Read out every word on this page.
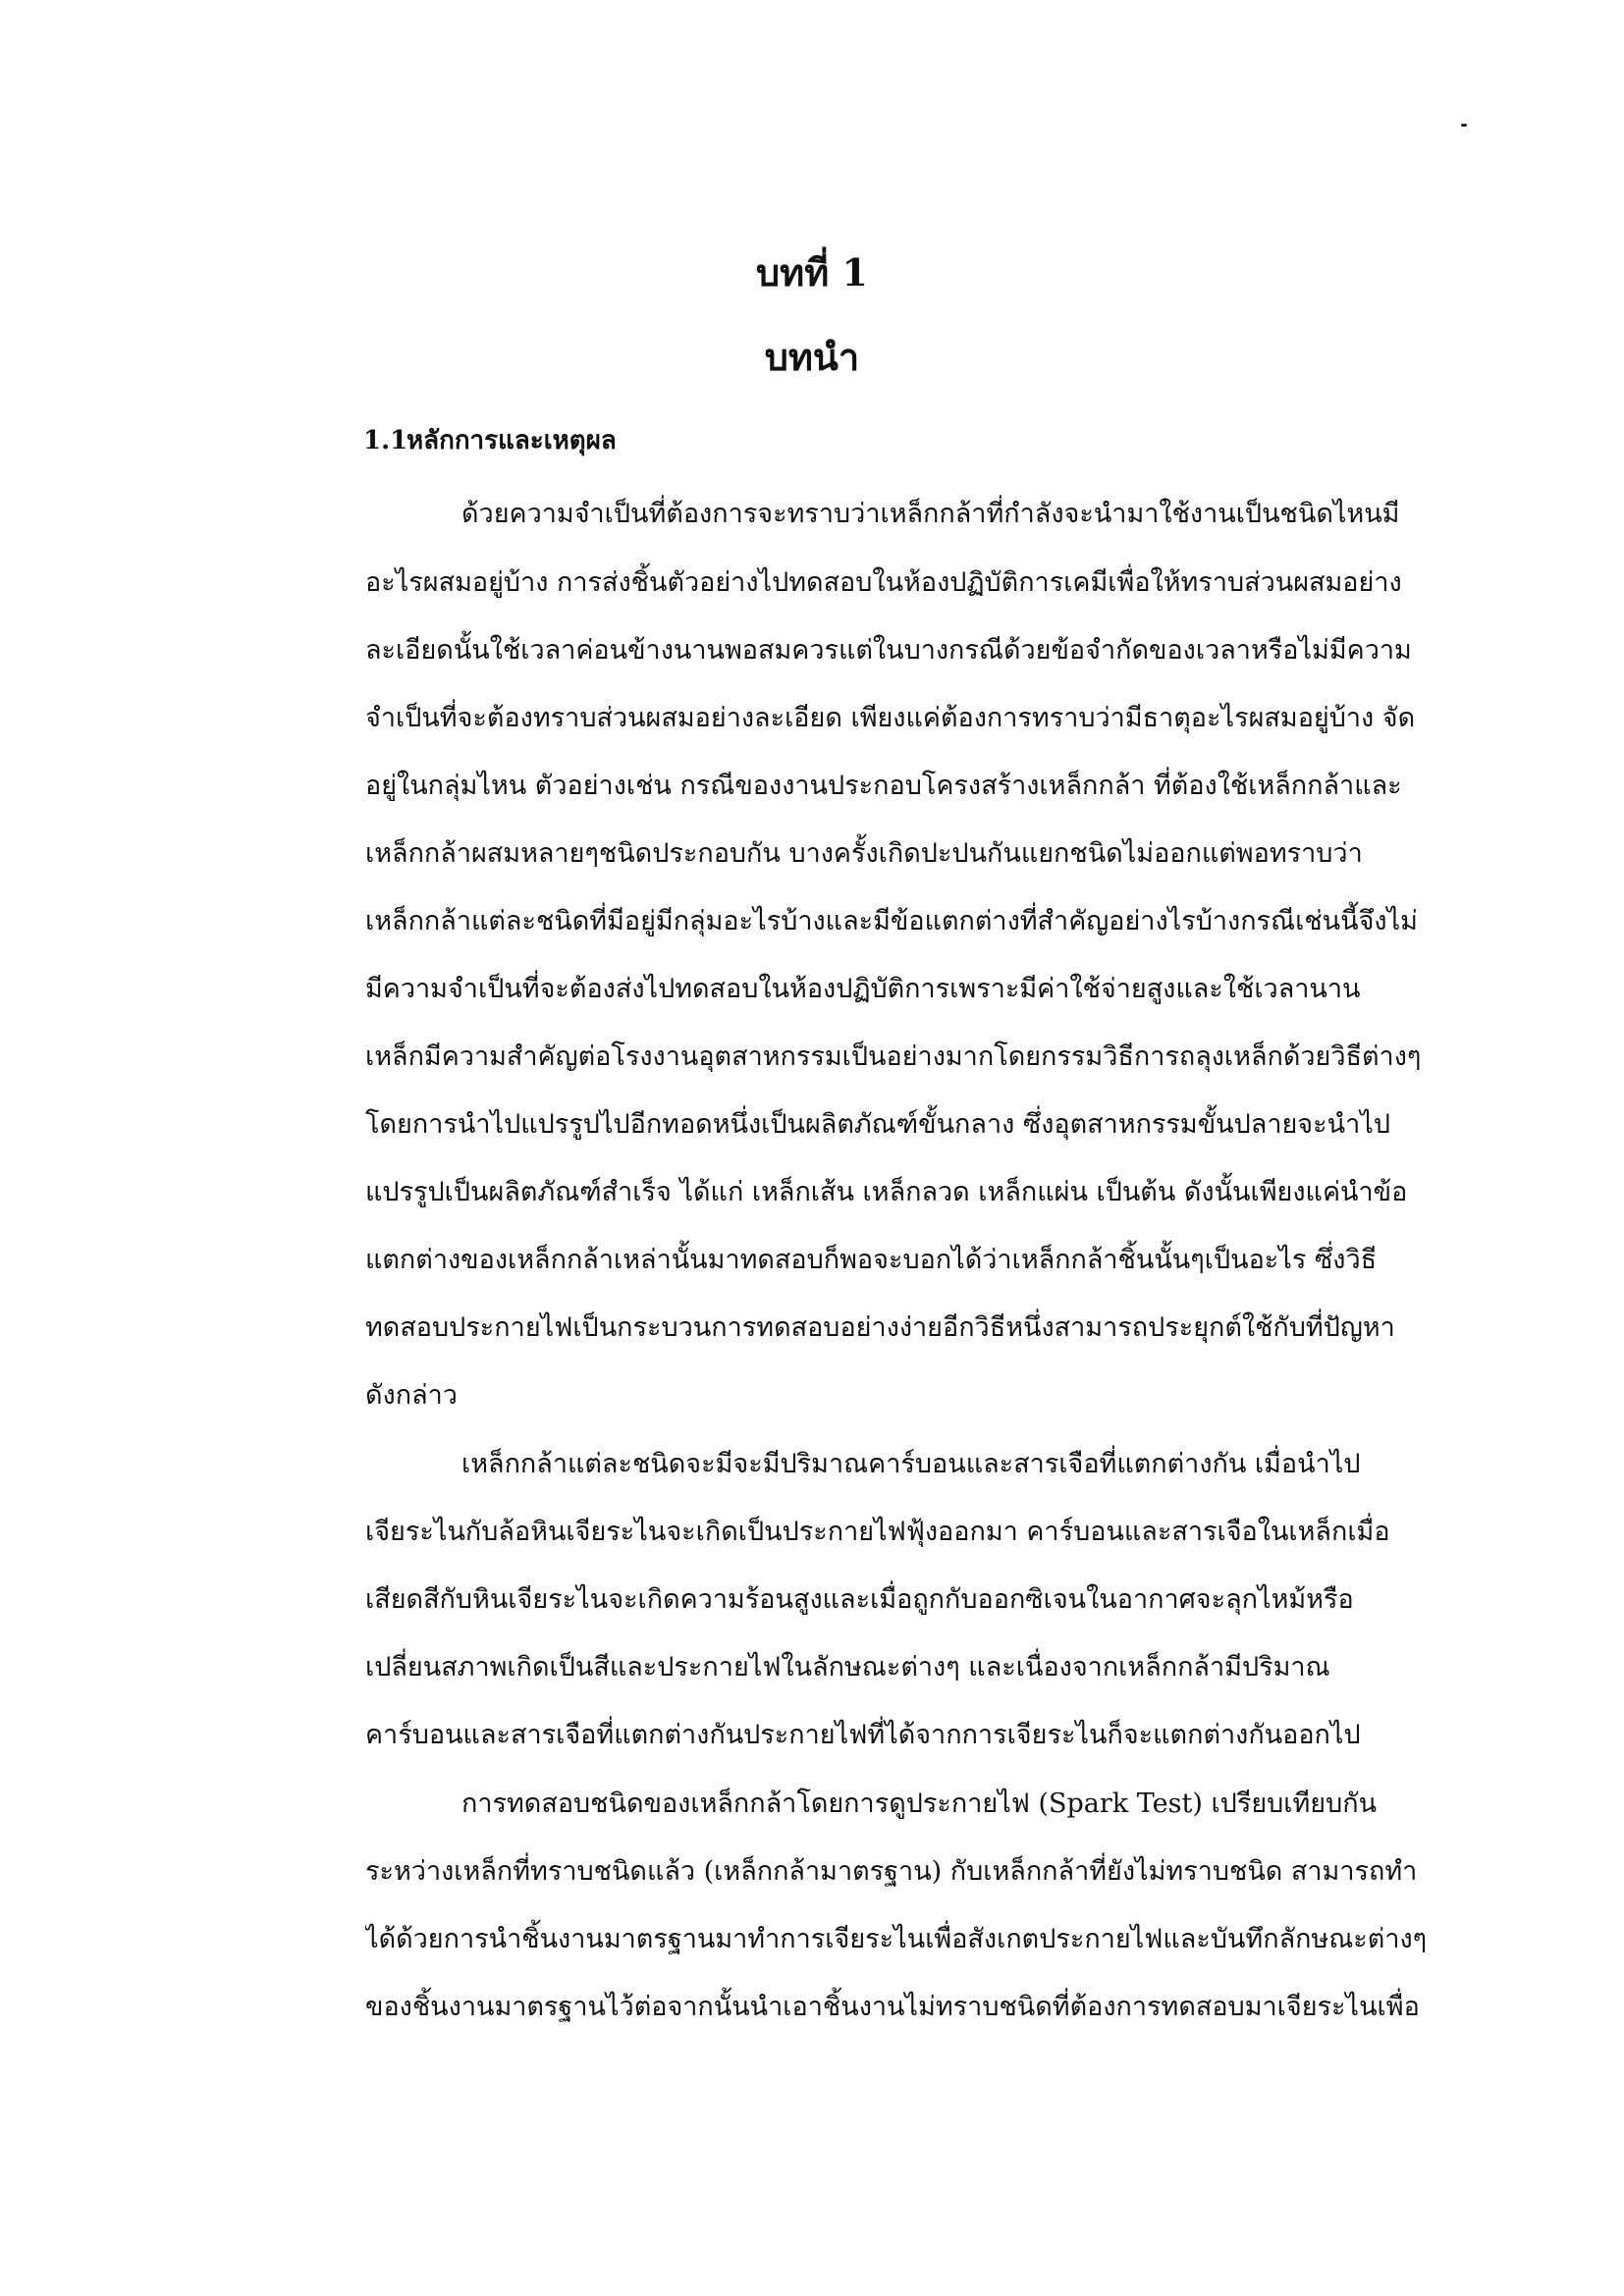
บทที่ 1
บทนำ
1.1หลักการและเหตุผล
ด้วยความจำเป็นที่ต้องการจะทราบว่าเหล็กกล้าที่กำลังจะนำมาใช้งานเป็นชนิดไหนมี
อะไรผสมอยู่บ้าง การส่งชิ้นตัวอย่างไปทดสอบในห้องปฏิบัติการเคมีเพื่อให้ทราบส่วนผสมอย่าง
ละเอียดนั้นใช้เวลาค่อนข้างนานพอสมควรแต่ในบางกรณีด้วยข้อจำกัดของเวลาหรือไม่มีความ
จำเป็นที่จะต้องทราบส่วนผสมอย่างละเอียด เพียงแค่ต้องการทราบว่ามีธาตุอะไรผสมอยู่บ้าง จัด
อยู่ในกลุ่มไหน ตัวอย่างเช่น กรณีของงานประกอบโครงสร้างเหล็กกล้า ที่ต้องใช้เหล็กกล้าและ
เหล็กกล้าผสมหลายๆชนิดประกอบกัน บางครั้งเกิดปะปนกันแยกชนิดไม่ออกแต่พอทราบว่า
เหล็กกล้าแต่ละชนิดที่มีอยู่มีกลุ่มอะไรบ้างและมีข้อแตกต่างที่สำคัญอย่างไรบ้างกรณีเช่นนี้จึงไม่
มีความจำเป็นที่จะต้องส่งไปทดสอบในห้องปฏิบัติการเพราะมีค่าใช้จ่ายสูงและใช้เวลานาน
เหล็กมีความสำคัญต่อโรงงานอุตสาหกรรมเป็นอย่างมากโดยกรรมวิธีการถลุงเหล็กด้วยวิธีต่างๆ
โดยการนำไปแปรรูปไปอีกทอดหนึ่งเป็นผลิตภัณฑ์ขั้นกลาง ซึ่งอุตสาหกรรมขั้นปลายจะนำไป
แปรรูปเป็นผลิตภัณฑ์สำเร็จ ได้แก่ เหล็กเส้น เหล็กลวด เหล็กแผ่น เป็นต้น ดังนั้นเพียงแค่นำข้อ
แตกต่างของเหล็กกล้าเหล่านั้นมาทดสอบก็พอจะบอกได้ว่าเหล็กกล้าชิ้นนั้นๆเป็นอะไร ซึ่งวิธี
ทดสอบประกายไฟเป็นกระบวนการทดสอบอย่างง่ายอีกวิธีหนึ่งสามารถประยุกต์ใช้กับที่ปัญหา
ดังกล่าว
เหล็กกล้าแต่ละชนิดจะมีจะมีปริมาณคาร์บอนและสารเจือที่แตกต่างกัน เมื่อนำไป
เจียระไนกับล้อหินเจียระไนจะเกิดเป็นประกายไฟฟุ้งออกมา คาร์บอนและสารเจือในเหล็กเมื่อ
เสียดสีกับหินเจียระไนจะเกิดความร้อนสูงและเมื่อถูกกับออกซิเจนในอากาศจะลุกไหม้หรือ
เปลี่ยนสภาพเกิดเป็นสีและประกายไฟในลักษณะต่างๆ และเนื่องจากเหล็กกล้ามีปริมาณ
คาร์บอนและสารเจือที่แตกต่างกันประกายไฟที่ได้จากการเจียระไนก็จะแตกต่างกันออกไป
การทดสอบชนิดของเหล็กกล้าโดยการดูประกายไฟ (Spark Test) เปรียบเทียบกัน
ระหว่างเหล็กที่ทราบชนิดแล้ว (เหล็กกล้ามาตรฐาน) กับเหล็กกล้าที่ยังไม่ทราบชนิด สามารถทำ
ได้ด้วยการนำชิ้นงานมาตรฐานมาทำการเจียระไนเพื่อสังเกตประกายไฟและบันทึกลักษณะต่างๆ
ของชิ้นงานมาตรฐานไว้ต่อจากนั้นนำเอาชิ้นงานไม่ทราบชนิดที่ต้องการทดสอบมาเจียระไนเพื่อ
